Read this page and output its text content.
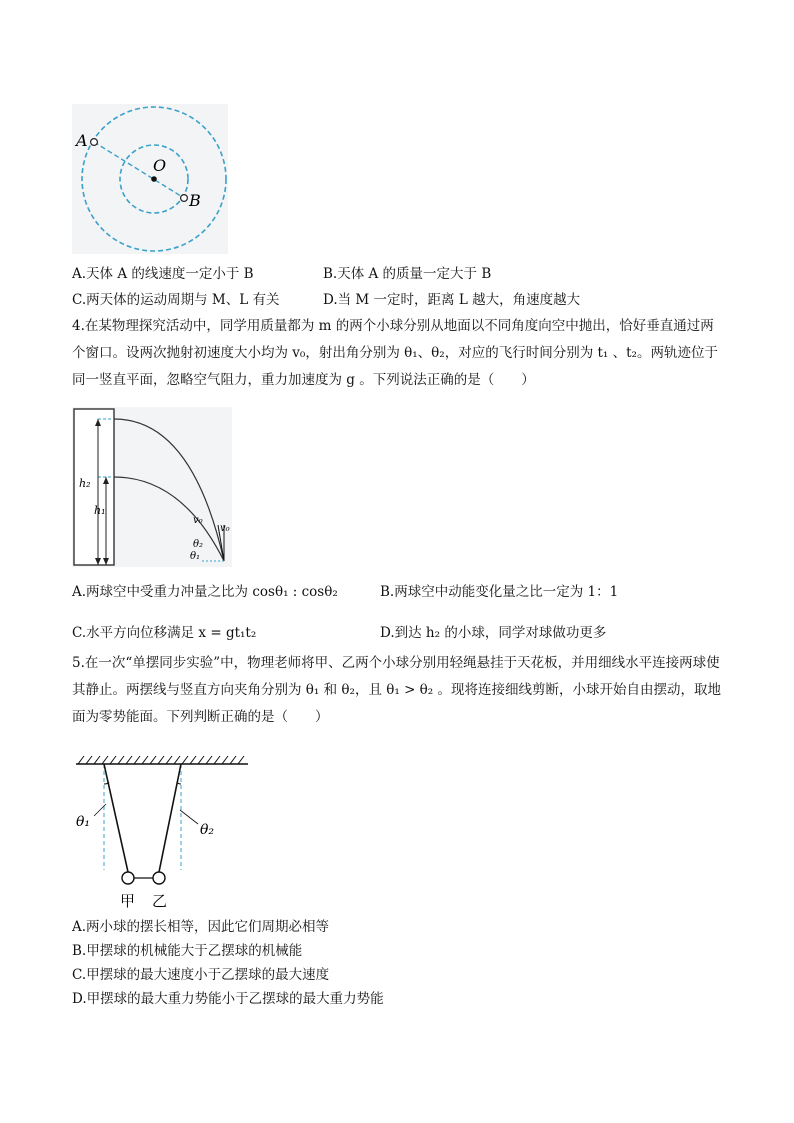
A
O
B
A.天体 A 的线速度一定小于 B	B.天体 A 的质量一定大于 B
C.两天体的运动周期与 M、L 有关	D.当 M 一定时，距离 L 越大，角速度越大
4.在某物理探究活动中，同学用质量都为 m 的两个小球分别从地面以不同角度向空中抛出，恰好垂直通过两个窗口。设两次抛射初速度大小均为 v₀，射出角分别为 θ₁、θ₂，对应的飞行时间分别为 t₁ 、t₂。两轨迹位于同一竖直平面，忽略空气阻力，重力加速度为 g 。下列说法正确的是（　　）
h₂
h₁
v₀
v₀
θ₂
θ₁
A.两球空中受重力冲量之比为 cosθ₁ : cosθ₂	B.两球空中动能变化量之比一定为 1：1
C.水平方向位移满足 x = gt₁t₂	D.到达 h₂ 的小球，同学对球做功更多
5.在一次“单摆同步实验”中，物理老师将甲、乙两个小球分别用轻绳悬挂于天花板，并用细线水平连接两球使其静止。两摆线与竖直方向夹角分别为 θ₁ 和 θ₂，且 θ₁ > θ₂ 。现将连接细线剪断，小球开始自由摆动，取地面为零势能面。下列判断正确的是（　　）
θ₁	θ₂
甲 乙
A.两小球的摆长相等，因此它们周期必相等
B.甲摆球的机械能大于乙摆球的机械能
C.甲摆球的最大速度小于乙摆球的最大速度
D.甲摆球的最大重力势能小于乙摆球的最大重力势能
